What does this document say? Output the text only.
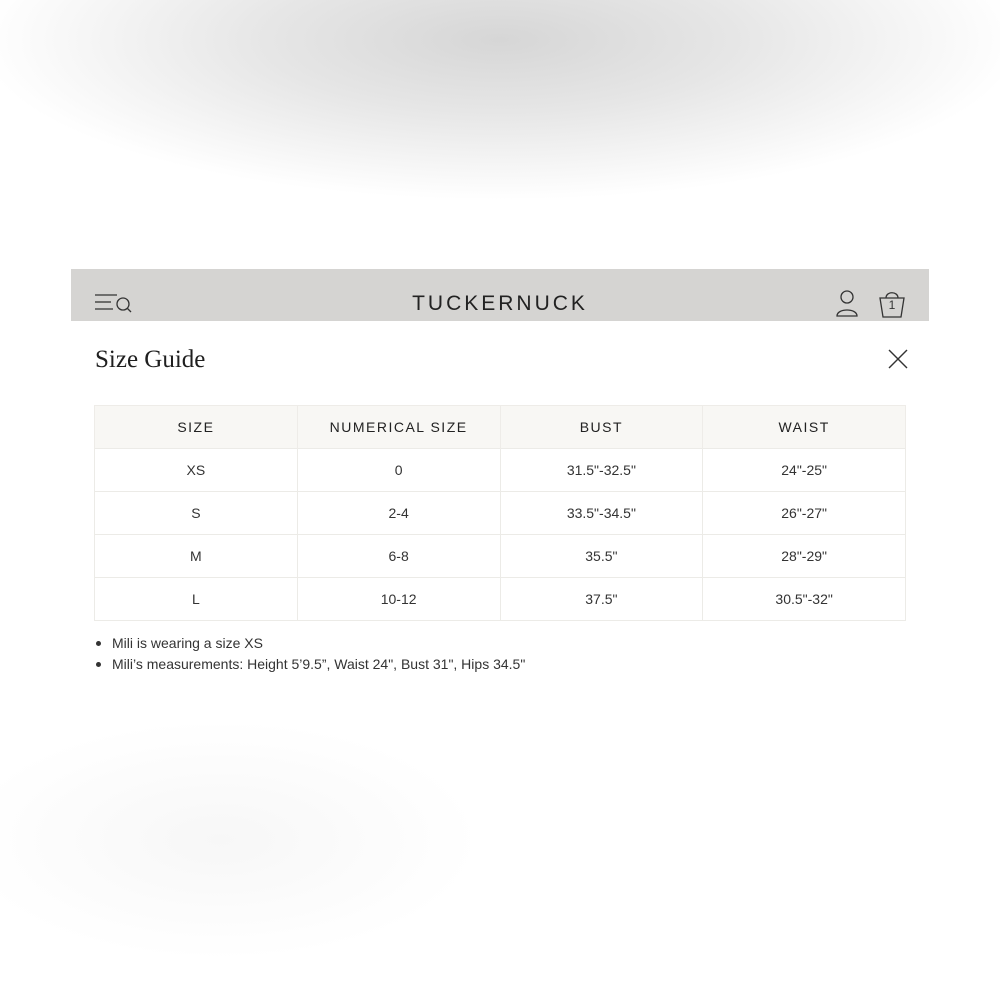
TUCKERNUCK	1
Size Guide
SIZE	NUMERICAL SIZE	BUST	WAIST
XS	0	31.5"-32.5"	24"-25"
S	2-4	33.5"-34.5"	26"-27"
M	6-8	35.5"	28"-29"
L	10-12	37.5"	30.5"-32"
Mili is wearing a size XS
Mili’s measurements: Height 5’9.5”, Waist 24", Bust 31", Hips 34.5"
